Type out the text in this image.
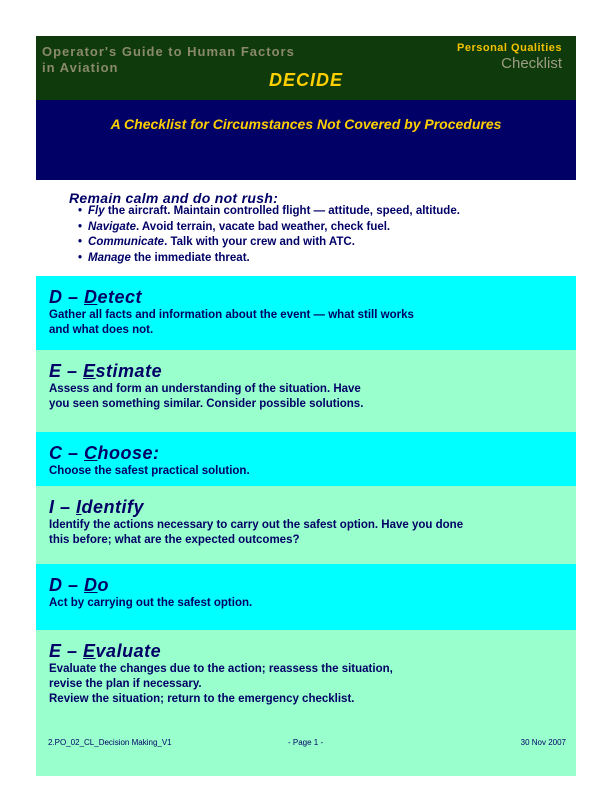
Operator's Guide to Human Factors
in Aviation
Personal Qualities
Checklist
DECIDE
A Checklist for Circumstances Not Covered by Procedures
Remain calm and do not rush:
• Fly the aircraft. Maintain controlled flight — attitude, speed, altitude.
• Navigate. Avoid terrain, vacate bad weather, check fuel.
• Communicate. Talk with your crew and with ATC.
• Manage the immediate threat.
D – Detect

Gather all facts and information about the event — what still works

and what does not.

E – Estimate

Assess and form an understanding of the situation. Have

you seen something similar. Consider possible solutions.

C – Choose:

Choose the safest practical solution.

I – Identify

Identify the actions necessary to carry out the safest option. Have you done

this before; what are the expected outcomes?

D – Do

Act by carrying out the safest option.

E – Evaluate

Evaluate the changes due to the action; reassess the situation,

revise the plan if necessary.

Review the situation; return to the emergency checklist.

2.PO_02_CL_Decision Making_V1	- Page 1 -	30 Nov 2007
